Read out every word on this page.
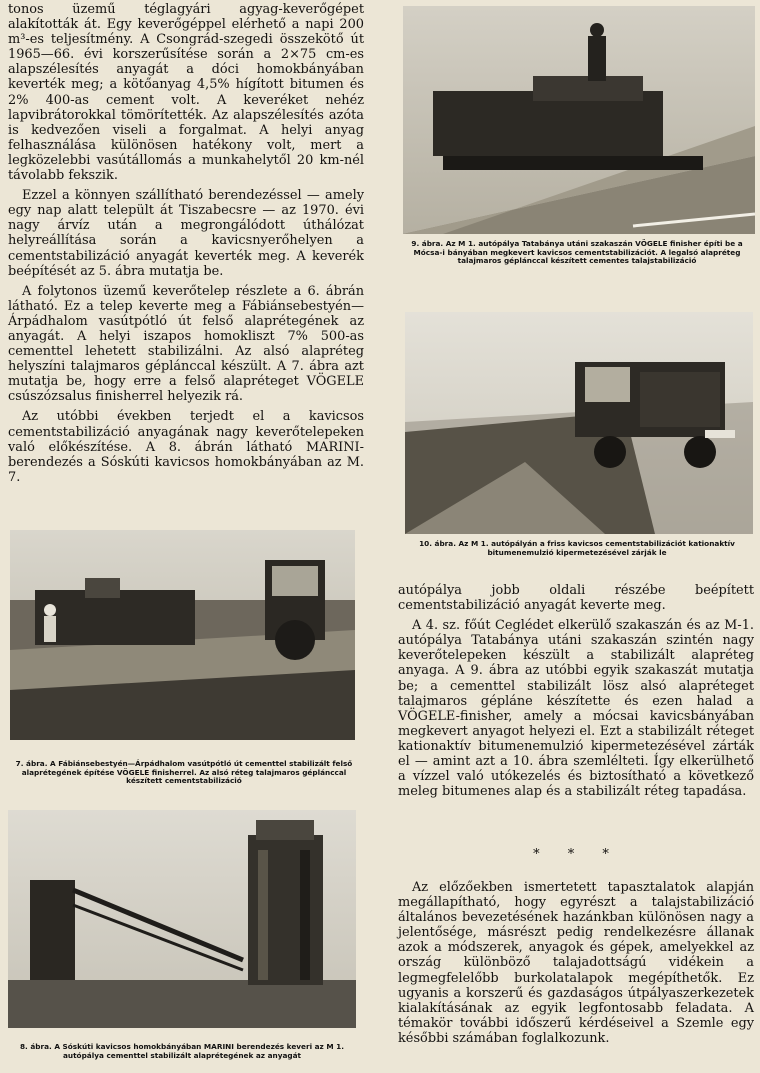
tonos üzemű téglagyári agyag-keverőgépet alakították át. Egy keverőgéppel elérhető a napi 200 m³-es teljesítmény. A Csongrád-szegedi összekötő út 1965—66. évi korszerűsítése során a 2×75 cm-es alapszélesítés anyagát a dóci homokbányában keverték meg; a kötőanyag 4,5% hígított bitumen és 2% 400-as cement volt. A keveréket nehéz lapvibrátorokkal tömörítették. Az alapszélesítés azóta is kedvezően viseli a forgalmat. A helyi anyag felhasználása különösen hatékony volt, mert a legközelebbi vasútállomás a munkahelytől 20 km-nél távolabb fekszik.

Ezzel a könnyen szállítható berendezéssel — amely egy nap alatt települt át Tiszabecsre — az 1970. évi nagy árvíz után a megrongálódott úthálózat helyreállítása során a kavicsnyerőhelyen a cementstabilizáció anyagát keverték meg. A keverék beépítését az 5. ábra mutatja be.

A folytonos üzemű keverőtelep részlete a 6. ábrán látható. Ez a telep keverte meg a Fábiánsebestyén—Árpádhalom vasútpótló út felső alaprétegének az anyagát. A helyi iszapos homokliszt 7% 500-as cementtel lehetett stabilizálni. Az alsó alapréteg helyszíni talajmaros géplánccal készült. A 7. ábra azt mutatja be, hogy erre a felső alapréteget VÖGELE csúszózsalus finisherrel helyezik rá.

Az utóbbi években terjedt el a kavicsos cementstabilizáció anyagának nagy keverőtelepeken való előkészítése. A 8. ábrán látható MARINI-berendezés a Sóskúti kavicsos homokbányában az M. 7.

7. ábra. A Fábiánsebestyén—Árpádhalom vasútpótló út cementtel stabilizált felső alaprétegének építése VÖGELE finisherrel. Az alsó réteg talajmaros géplánccal készített cementstabilizáció

8. ábra. A Sóskúti kavicsos homokbányában MARINI berendezés keveri az M 1. autópálya cementtel stabilizált alaprétegének az anyagát

9. ábra. Az M 1. autópálya Tatabánya utáni szakaszán VÖGELE finisher építi be a Mócsa-i bányában megkevert kavicsos cementstabilizációt. A legalsó alapréteg talajmaros géplánccal készített cementes talajstabilizáció

10. ábra. Az M 1. autópályán a friss kavicsos cementstabilizációt kationaktív bitumenemulzió kipermetezésével zárják le

autópálya jobb oldali részébe beépített cementstabilizáció anyagát keverte meg.

A 4. sz. főút Ceglédet elkerülő szakaszán és az M-1. autópálya Tatabánya utáni szakaszán szintén nagy keverőtelepeken készült a stabilizált alapréteg anyaga. A 9. ábra az utóbbi egyik szakaszát mutatja be; a cementtel stabilizált lösz alsó alapréteget talajmaros gépláne készítette és ezen halad a VÖGELE-finisher, amely a mócsai kavicsbányában megkevert anyagot helyezi el. Ezt a stabilizált réteget kationaktív bitumenemulzió kipermetezésével zárták el — amint azt a 10. ábra szemlélteti. Így elkerülhető a vízzel való utókezelés és biztosítható a következő meleg bitumenes alap és a stabilizált réteg tapadása.

* * *

Az előzőekben ismertetett tapasztalatok alapján megállapítható, hogy egyrészt a talajstabilizáció általános bevezetésének hazánkban különösen nagy a jelentősége, másrészt pedig rendelkezésre állanak azok a módszerek, anyagok és gépek, amelyekkel az ország különböző talajadottságú vidékein a legmegfelelőbb burkolatalapok megépíthetők. Ez ugyanis a korszerű és gazdaságos útpályaszerkezetek kialakításának az egyik legfontosabb feladata. A témakör további időszerű kérdéseivel a Szemle egy későbbi számában foglalkozunk.
